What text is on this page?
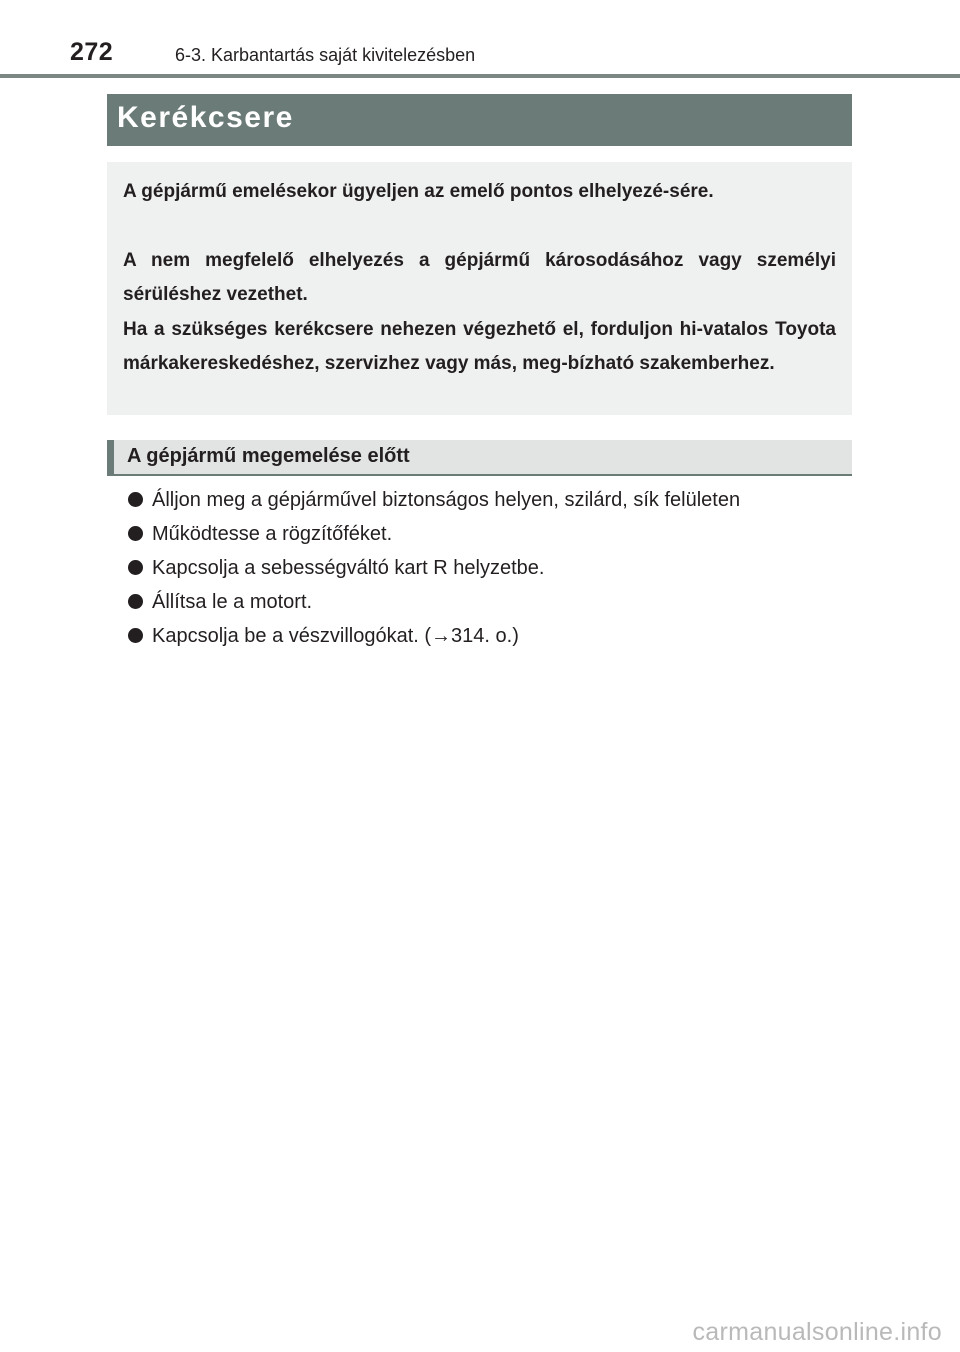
272	6-3. Karbantartás saját kivitelezésben
Kerékcsere

A gépjármű emelésekor ügyeljen az emelő pontos elhelyezé-sére.

A nem megfelelő elhelyezés a gépjármű károsodásához vagy személyi sérüléshez vezethet.

Ha a szükséges kerékcsere nehezen végezhető el, forduljon hi-vatalos Toyota márkakereskedéshez, szervizhez vagy más, meg-bízható szakemberhez.

A gépjármű megemelése előtt
Álljon meg a gépjárművel biztonságos helyen, szilárd, sík felületen
Működtesse a rögzítőféket.
Kapcsolja a sebességváltó kart R helyzetbe.
Állítsa le a motort.
Kapcsolja be a vészvillogókat. (→314. o.)
carmanualsonline.info
